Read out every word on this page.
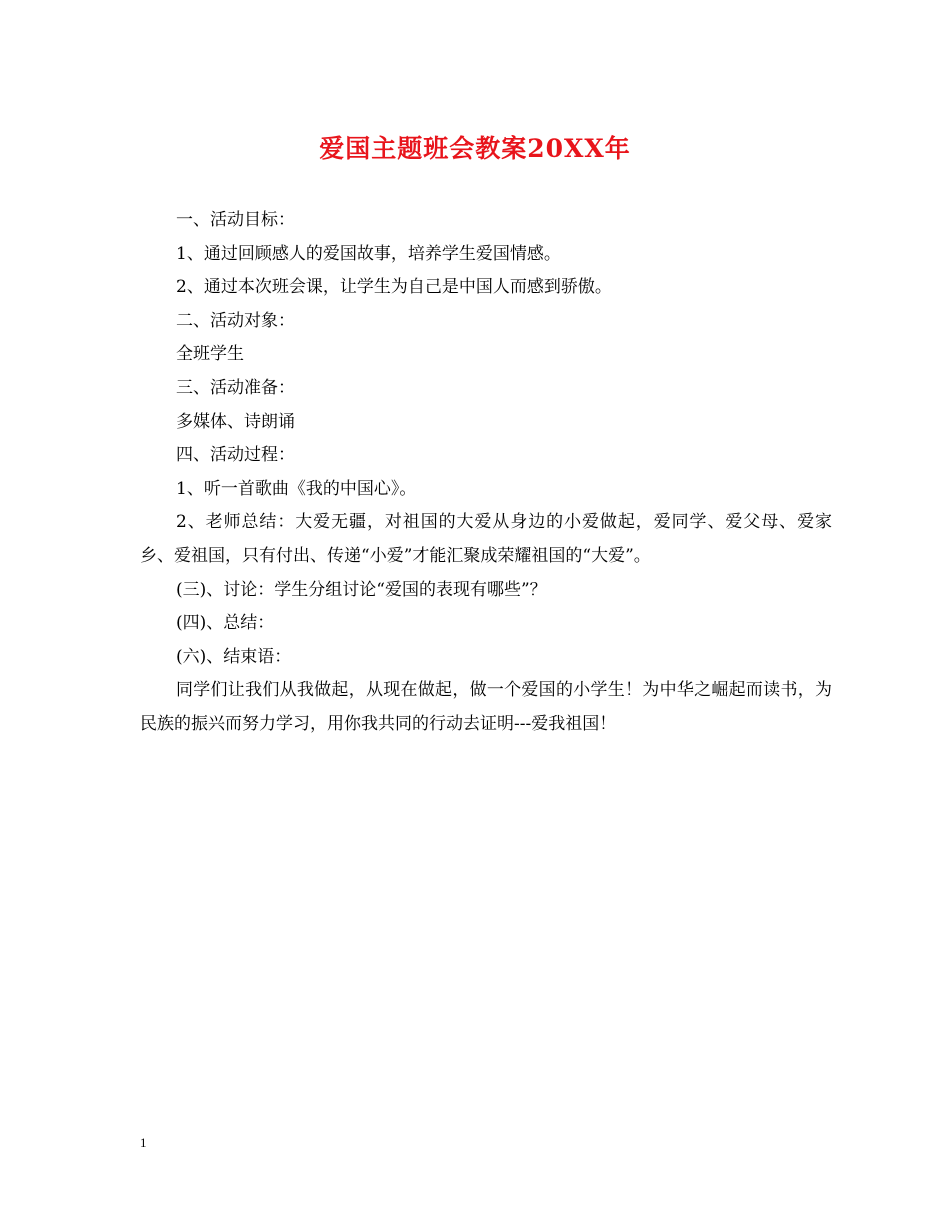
爱国主题班会教案20XX年

一、活动目标：

1、通过回顾感人的爱国故事，培养学生爱国情感。

2、通过本次班会课，让学生为自己是中国人而感到骄傲。

二、活动对象：

全班学生

三、活动准备：

多媒体、诗朗诵

四、活动过程：

1、听一首歌曲《我的中国心》。

2、老师总结：大爱无疆，对祖国的大爱从身边的小爱做起，爱同学、爱父母、爱家乡、爱祖国，只有付出、传递“小爱”才能汇聚成荣耀祖国的“大爱”。

(三)、讨论：学生分组讨论“爱国的表现有哪些”？

(四)、总结：

(六)、结束语：

同学们让我们从我做起，从现在做起，做一个爱国的小学生！为中华之崛起而读书，为民族的振兴而努力学习，用你我共同的行动去证明---爱我祖国！

1
